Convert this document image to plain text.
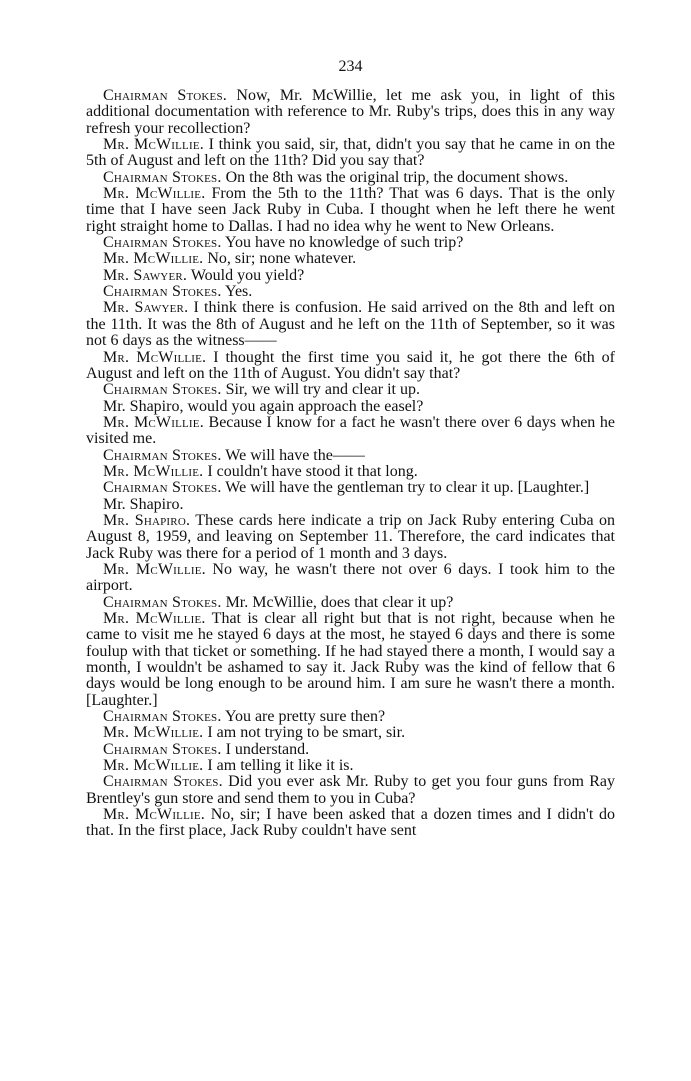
234

Chairman Stokes. Now, Mr. McWillie, let me ask you, in light of this additional documentation with reference to Mr. Ruby's trips, does this in any way refresh your recollection?

Mr. McWillie. I think you said, sir, that, didn't you say that he came in on the 5th of August and left on the 11th? Did you say that?

Chairman Stokes. On the 8th was the original trip, the document shows.

Mr. McWillie. From the 5th to the 11th? That was 6 days. That is the only time that I have seen Jack Ruby in Cuba. I thought when he left there he went right straight home to Dallas. I had no idea why he went to New Orleans.

Chairman Stokes. You have no knowledge of such trip?

Mr. McWillie. No, sir; none whatever.

Mr. Sawyer. Would you yield?

Chairman Stokes. Yes.

Mr. Sawyer. I think there is confusion. He said arrived on the 8th and left on the 11th. It was the 8th of August and he left on the 11th of September, so it was not 6 days as the witness——

Mr. McWillie. I thought the first time you said it, he got there the 6th of August and left on the 11th of August. You didn't say that?

Chairman Stokes. Sir, we will try and clear it up.

Mr. Shapiro, would you again approach the easel?

Mr. McWillie. Because I know for a fact he wasn't there over 6 days when he visited me.

Chairman Stokes. We will have the——

Mr. McWillie. I couldn't have stood it that long.

Chairman Stokes. We will have the gentleman try to clear it up. [Laughter.]

Mr. Shapiro.

Mr. Shapiro. These cards here indicate a trip on Jack Ruby entering Cuba on August 8, 1959, and leaving on September 11. Therefore, the card indicates that Jack Ruby was there for a period of 1 month and 3 days.

Mr. McWillie. No way, he wasn't there not over 6 days. I took him to the airport.

Chairman Stokes. Mr. McWillie, does that clear it up?

Mr. McWillie. That is clear all right but that is not right, because when he came to visit me he stayed 6 days at the most, he stayed 6 days and there is some foulup with that ticket or something. If he had stayed there a month, I would say a month, I wouldn't be ashamed to say it. Jack Ruby was the kind of fellow that 6 days would be long enough to be around him. I am sure he wasn't there a month. [Laughter.]

Chairman Stokes. You are pretty sure then?

Mr. McWillie. I am not trying to be smart, sir.

Chairman Stokes. I understand.

Mr. McWillie. I am telling it like it is.

Chairman Stokes. Did you ever ask Mr. Ruby to get you four guns from Ray Brentley's gun store and send them to you in Cuba?

Mr. McWillie. No, sir; I have been asked that a dozen times and I didn't do that. In the first place, Jack Ruby couldn't have sent
